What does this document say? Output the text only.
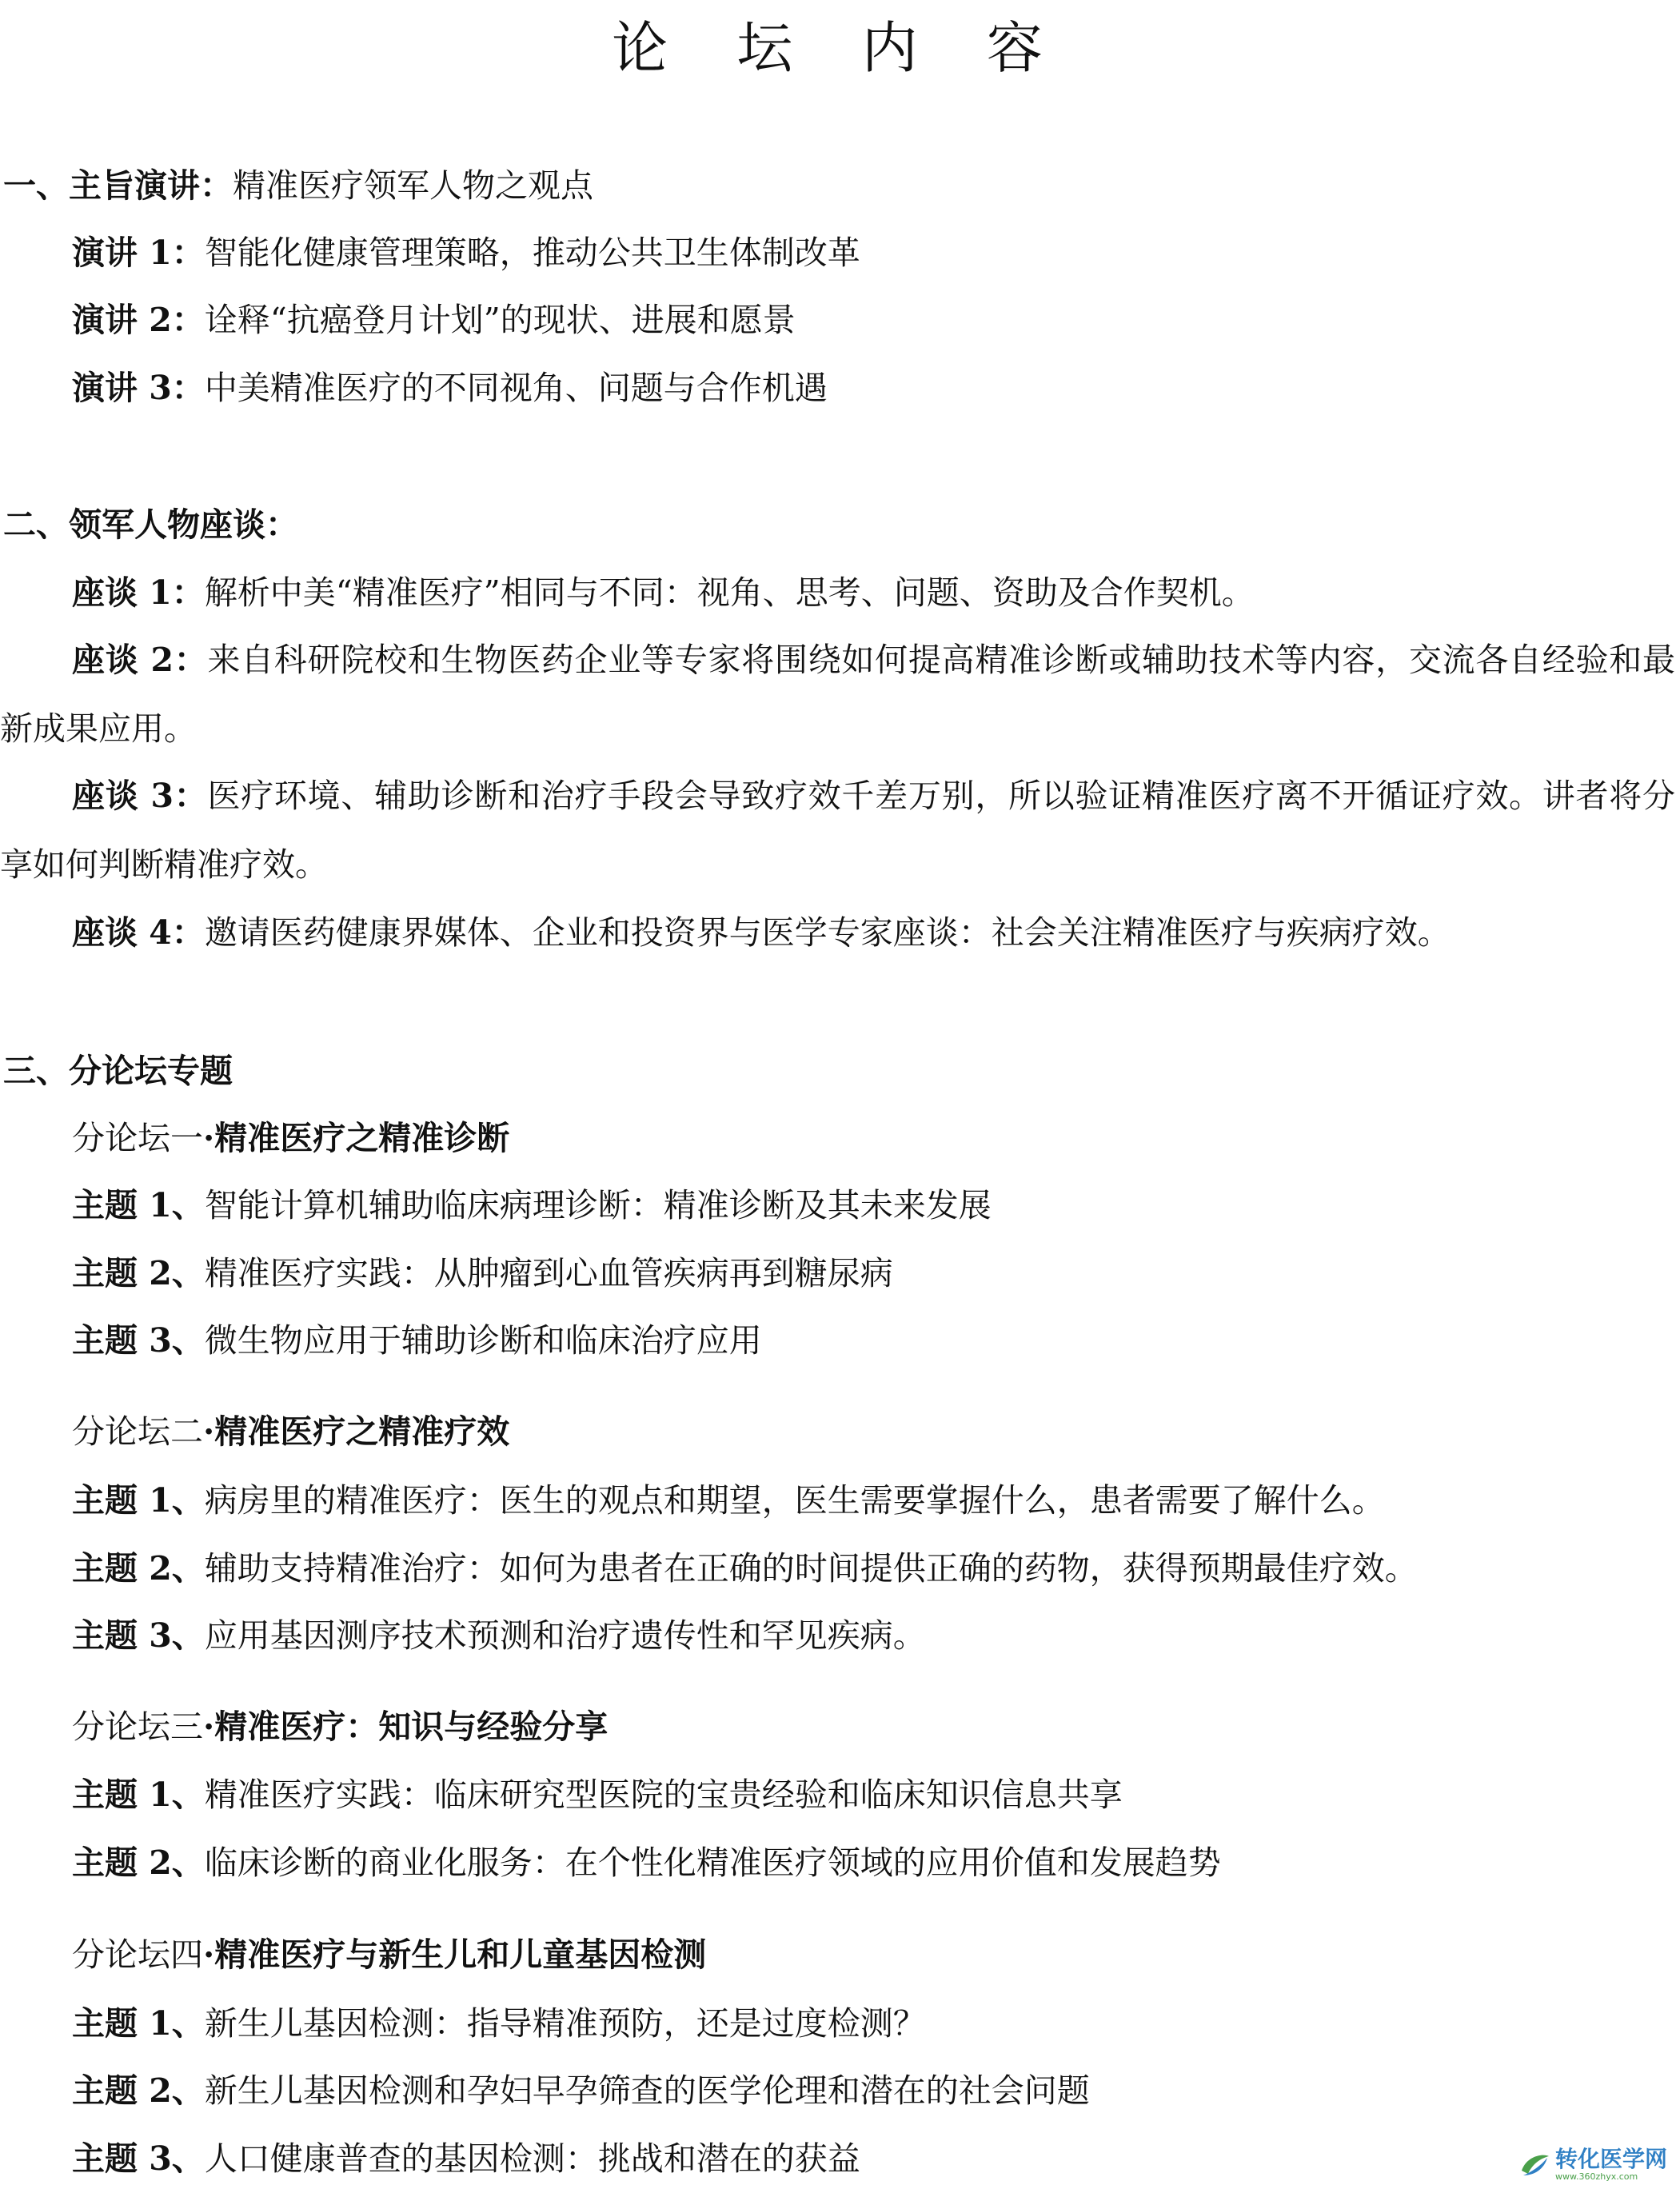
论 坛 内 容
一、主旨演讲：精准医疗领军人物之观点
演讲 1：智能化健康管理策略，推动公共卫生体制改革
演讲 2：诠释“抗癌登月计划”的现状、进展和愿景
演讲 3：中美精准医疗的不同视角、问题与合作机遇
二、领军人物座谈：
座谈 1：解析中美“精准医疗”相同与不同：视角、思考、问题、资助及合作契机。

座谈 2：来自科研院校和生物医药企业等专家将围绕如何提高精准诊断或辅助技术等内容，交流各自经验和最新成果应用。

座谈 3：医疗环境、辅助诊断和治疗手段会导致疗效千差万别，所以验证精准医疗离不开循证疗效。讲者将分享如何判断精准疗效。

座谈 4：邀请医药健康界媒体、企业和投资界与医学专家座谈：社会关注精准医疗与疾病疗效。
三、分论坛专题
分论坛一·精准医疗之精准诊断
主题 1、智能计算机辅助临床病理诊断：精准诊断及其未来发展
主题 2、精准医疗实践：从肿瘤到心血管疾病再到糖尿病
主题 3、微生物应用于辅助诊断和临床治疗应用
分论坛二·精准医疗之精准疗效
主题 1、病房里的精准医疗：医生的观点和期望，医生需要掌握什么，患者需要了解什么。
主题 2、辅助支持精准治疗：如何为患者在正确的时间提供正确的药物，获得预期最佳疗效。
主题 3、应用基因测序技术预测和治疗遗传性和罕见疾病。
分论坛三·精准医疗：知识与经验分享
主题 1、精准医疗实践：临床研究型医院的宝贵经验和临床知识信息共享
主题 2、临床诊断的商业化服务：在个性化精准医疗领域的应用价值和发展趋势
分论坛四·精准医疗与新生儿和儿童基因检测
主题 1、新生儿基因检测：指导精准预防，还是过度检测？
主题 2、新生儿基因检测和孕妇早孕筛查的医学伦理和潜在的社会问题
主题 3、人口健康普查的基因检测：挑战和潜在的获益	转化医学网
www.360zhyx.com
